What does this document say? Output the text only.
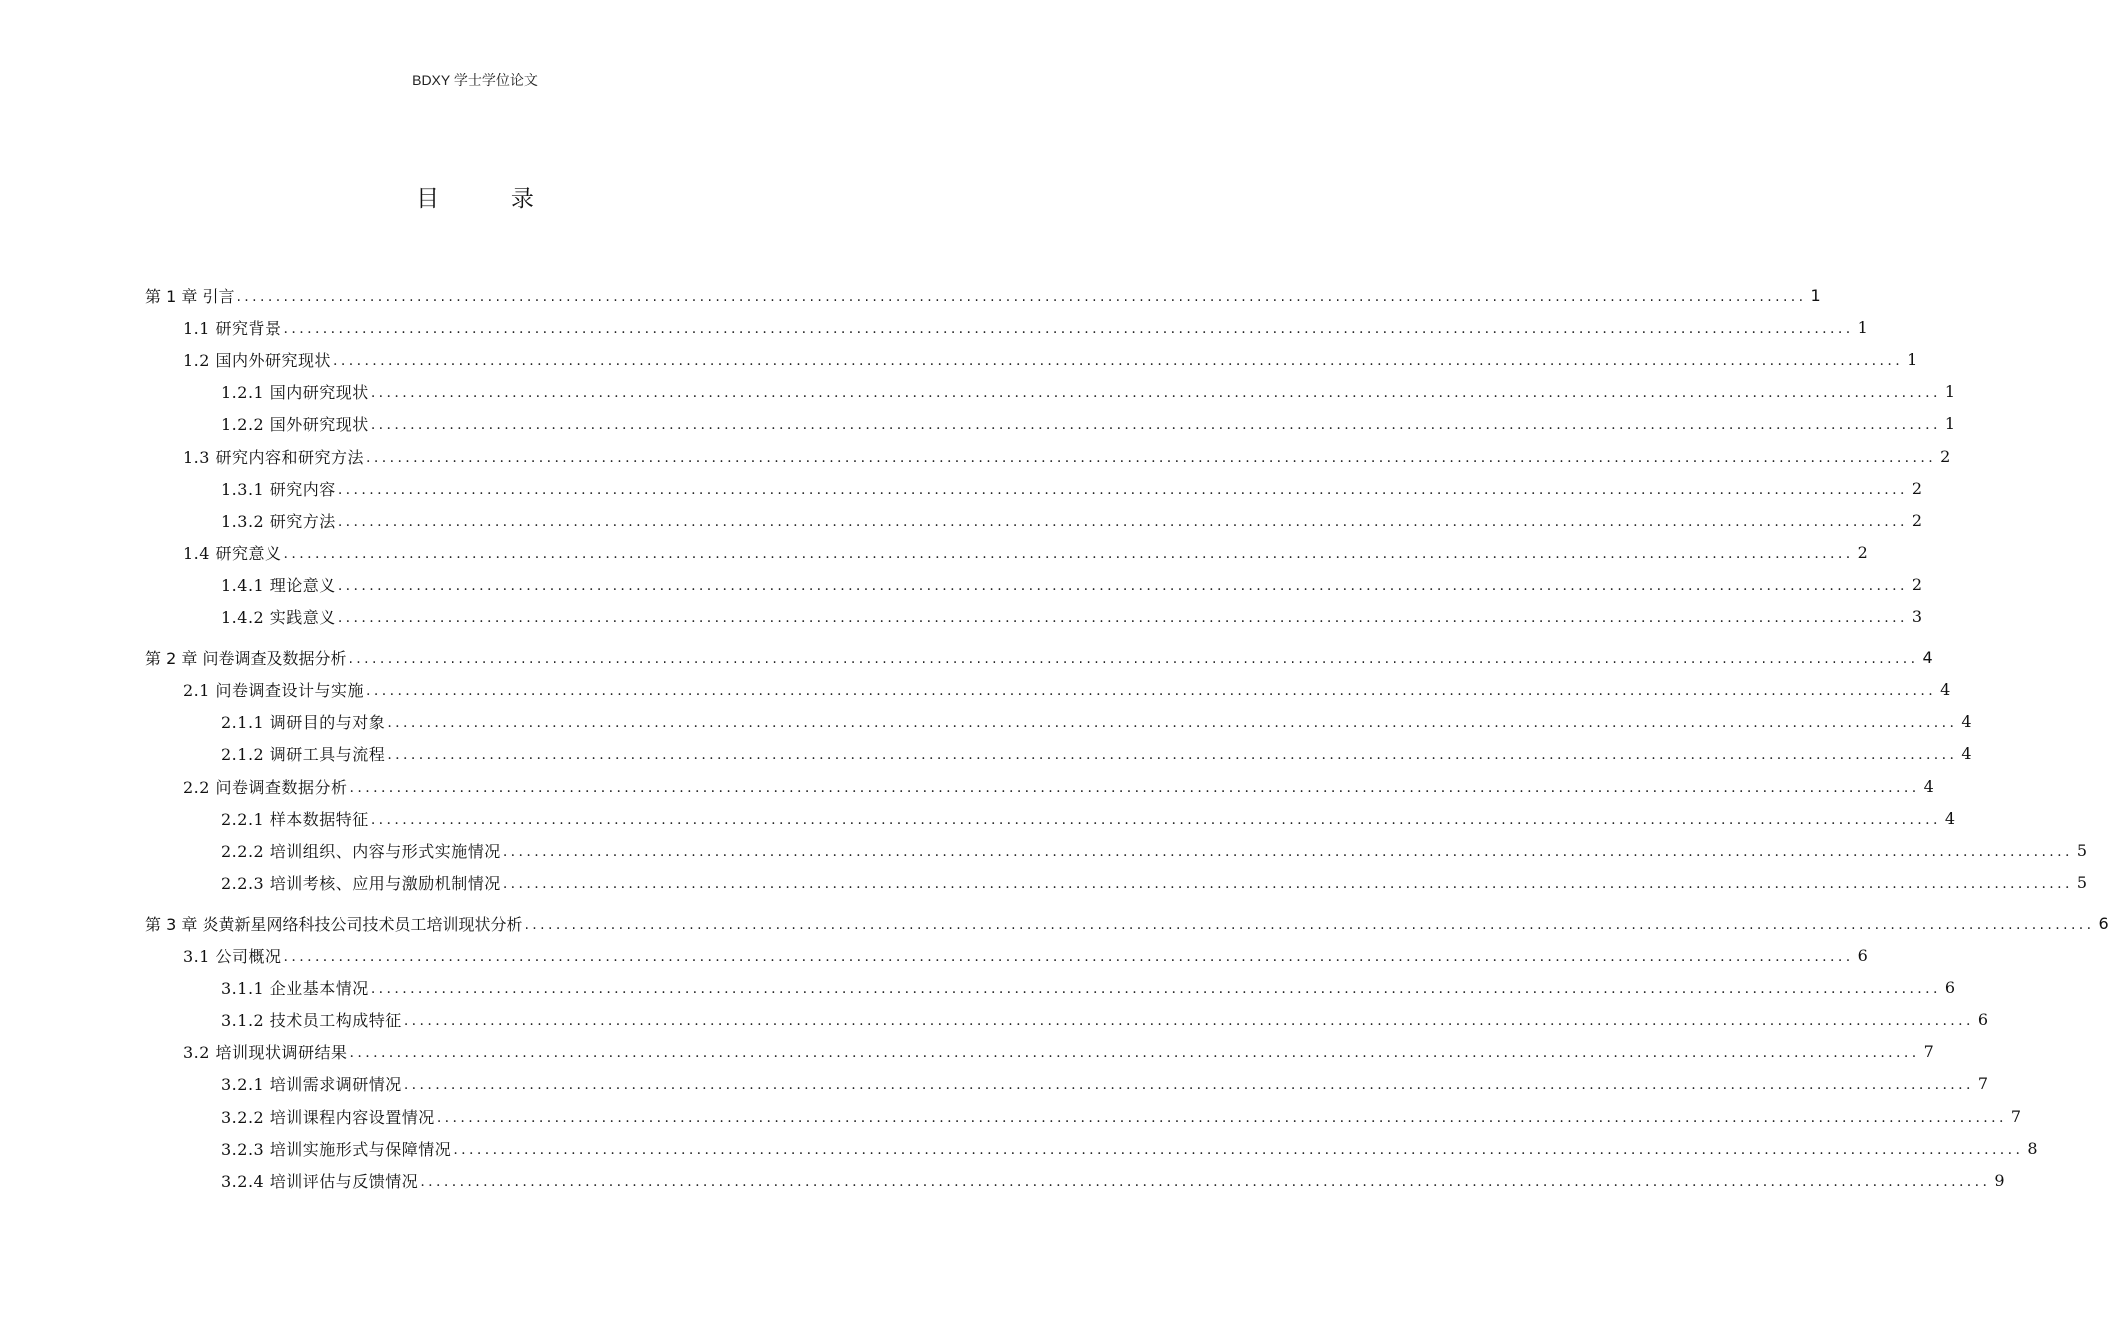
BDXY 学士学位论文
目 录
第 1 章 引言 ........................................................................................................................................................................................................ 1
1.1 研究背景 ........................................................................................................................................................................................................ 1
1.2 国内外研究现状 ........................................................................................................................................................................................................ 1
1.2.1 国内研究现状 ........................................................................................................................................................................................................ 1
1.2.2 国外研究现状 ........................................................................................................................................................................................................ 1
1.3 研究内容和研究方法 ........................................................................................................................................................................................................ 2
1.3.1 研究内容 ........................................................................................................................................................................................................ 2
1.3.2 研究方法 ........................................................................................................................................................................................................ 2
1.4 研究意义 ........................................................................................................................................................................................................ 2
1.4.1 理论意义 ........................................................................................................................................................................................................ 2
1.4.2 实践意义 ........................................................................................................................................................................................................ 3
第 2 章 问卷调查及数据分析 ........................................................................................................................................................................................................ 4
2.1 问卷调查设计与实施 ........................................................................................................................................................................................................ 4
2.1.1 调研目的与对象 ........................................................................................................................................................................................................ 4
2.1.2 调研工具与流程 ........................................................................................................................................................................................................ 4
2.2 问卷调查数据分析 ........................................................................................................................................................................................................ 4
2.2.1 样本数据特征 ........................................................................................................................................................................................................ 4
2.2.2 培训组织、内容与形式实施情况 ........................................................................................................................................................................................................ 5
2.2.3 培训考核、应用与激励机制情况 ........................................................................................................................................................................................................ 5
第 3 章 炎黄新星网络科技公司技术员工培训现状分析 ........................................................................................................................................................................................................ 6
3.1 公司概况 ........................................................................................................................................................................................................ 6
3.1.1 企业基本情况 ........................................................................................................................................................................................................ 6
3.1.2 技术员工构成特征 ........................................................................................................................................................................................................ 6
3.2 培训现状调研结果 ........................................................................................................................................................................................................ 7
3.2.1 培训需求调研情况 ........................................................................................................................................................................................................ 7
3.2.2 培训课程内容设置情况 ........................................................................................................................................................................................................ 7
3.2.3 培训实施形式与保障情况 ........................................................................................................................................................................................................ 8
3.2.4 培训评估与反馈情况 ........................................................................................................................................................................................................ 9
